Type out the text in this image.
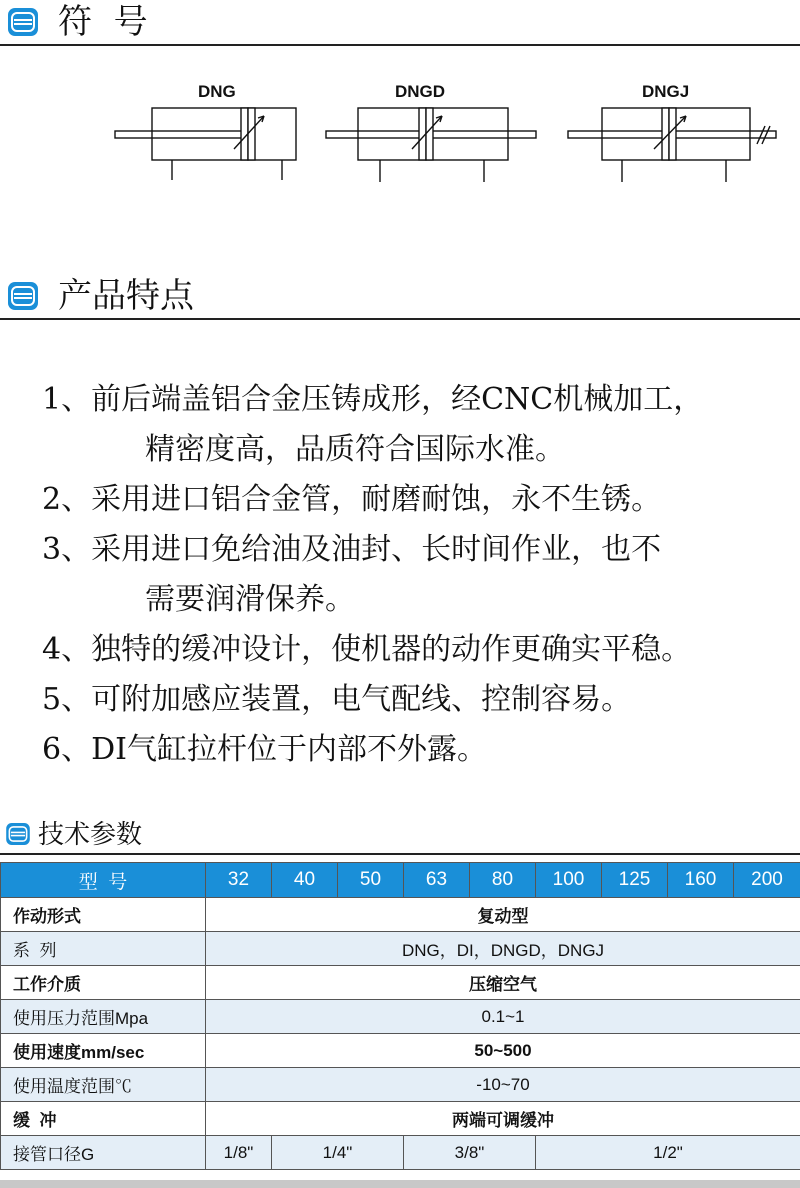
符  号
DNG	DNGD	DNGJ
产品特点
1、前后端盖铝合金压铸成形，经CNC机械加工，
精密度高，品质符合国际水准。
2、采用进口铝合金管，耐磨耐蚀，永不生锈。
3、采用进口免给油及油封、长时间作业，也不
需要润滑保养。
4、独特的缓冲设计，使机器的动作更确实平稳。
5、可附加感应装置，电气配线、控制容易。
6、DI气缸拉杆位于内部不外露。
技术参数
型  号	32	40	50	63	80	100	125	160	200
作动形式	复动型								
系  列	DNG，DI，DNGD，DNGJ								
工作介质	压缩空气								
使用压力范围Mpa	0.1~1								
使用速度mm/sec	50~500								
使用温度范围℃	-10~70								
缓  冲	两端可调缓冲								
接管口径G	1/8"	1/4"		3/8"		1/2"			
